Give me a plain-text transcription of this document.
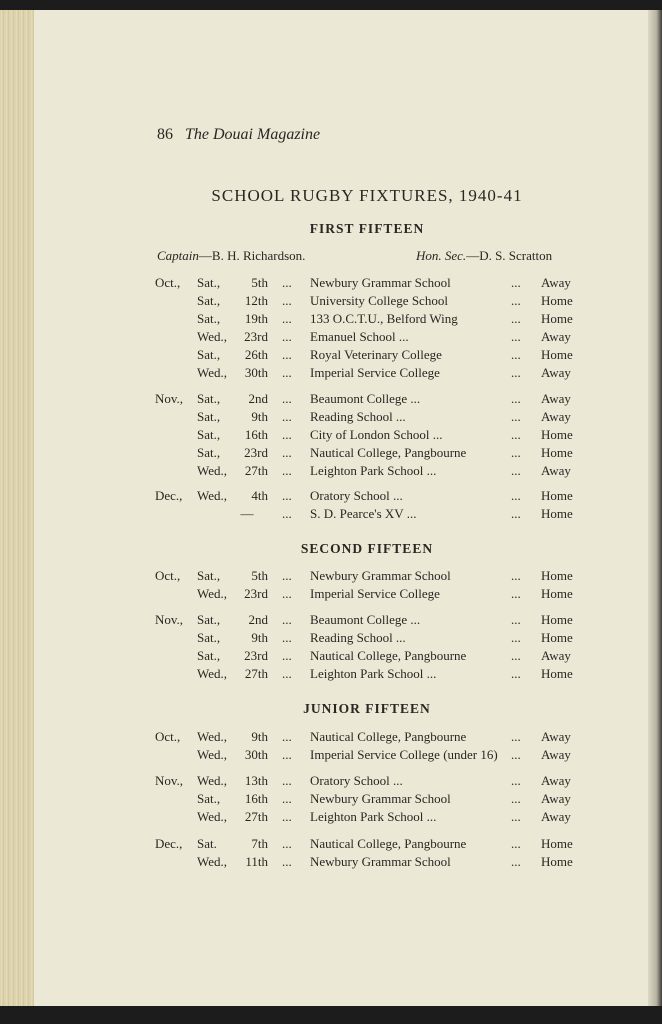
86 The Douai Magazine
SCHOOL RUGBY FIXTURES, 1940-41
FIRST FIFTEEN
Captain—B. H. Richardson.	Hon. Sec.—D. S. Scratton
SECOND FIFTEEN
JUNIOR FIFTEEN
Oct., Sat.,	5th ... Newbury Grammar School	... Away
Sat.,	12th ... University College School	... Home
Sat.,	19th ... 133 O.C.T.U., Belford Wing	... Home
Wed.,	23rd ... Emanuel School ...	... Away
Sat.,	26th ... Royal Veterinary College	... Home
Wed.,	30th ... Imperial Service College	... Away
Nov., Sat.,	2nd ... Beaumont College ...	... Away
Sat.,	9th ... Reading School ...	... Away
Sat.,	16th ... City of London School ...	... Home
Sat.,	23rd ... Nautical College, Pangbourne	... Home
Wed.,	27th ... Leighton Park School ...	... Away
Dec., Wed.,	4th ... Oratory School ...	... Home
—	... S. D. Pearce's XV ...	... Home
Oct., Sat.,	5th ... Newbury Grammar School	... Home
Wed.,	23rd ... Imperial Service College	... Home
Nov., Sat.,	2nd ... Beaumont College ...	... Home
Sat.,	9th ... Reading School ...	... Home
Sat.,	23rd ... Nautical College, Pangbourne	... Away
Wed.,	27th ... Leighton Park School ...	... Home
Oct., Wed.,	9th ... Nautical College, Pangbourne	... Away
Wed.,	30th ... Imperial Service College (under 16) ... Away
Nov., Wed.,	13th ... Oratory School ...	... Away
Sat.,	16th ... Newbury Grammar School	... Away
Wed.,	27th ... Leighton Park School ...	... Away
Dec., Sat.	7th ... Nautical College, Pangbourne	... Home
Wed.,	11th ... Newbury Grammar School	... Home
